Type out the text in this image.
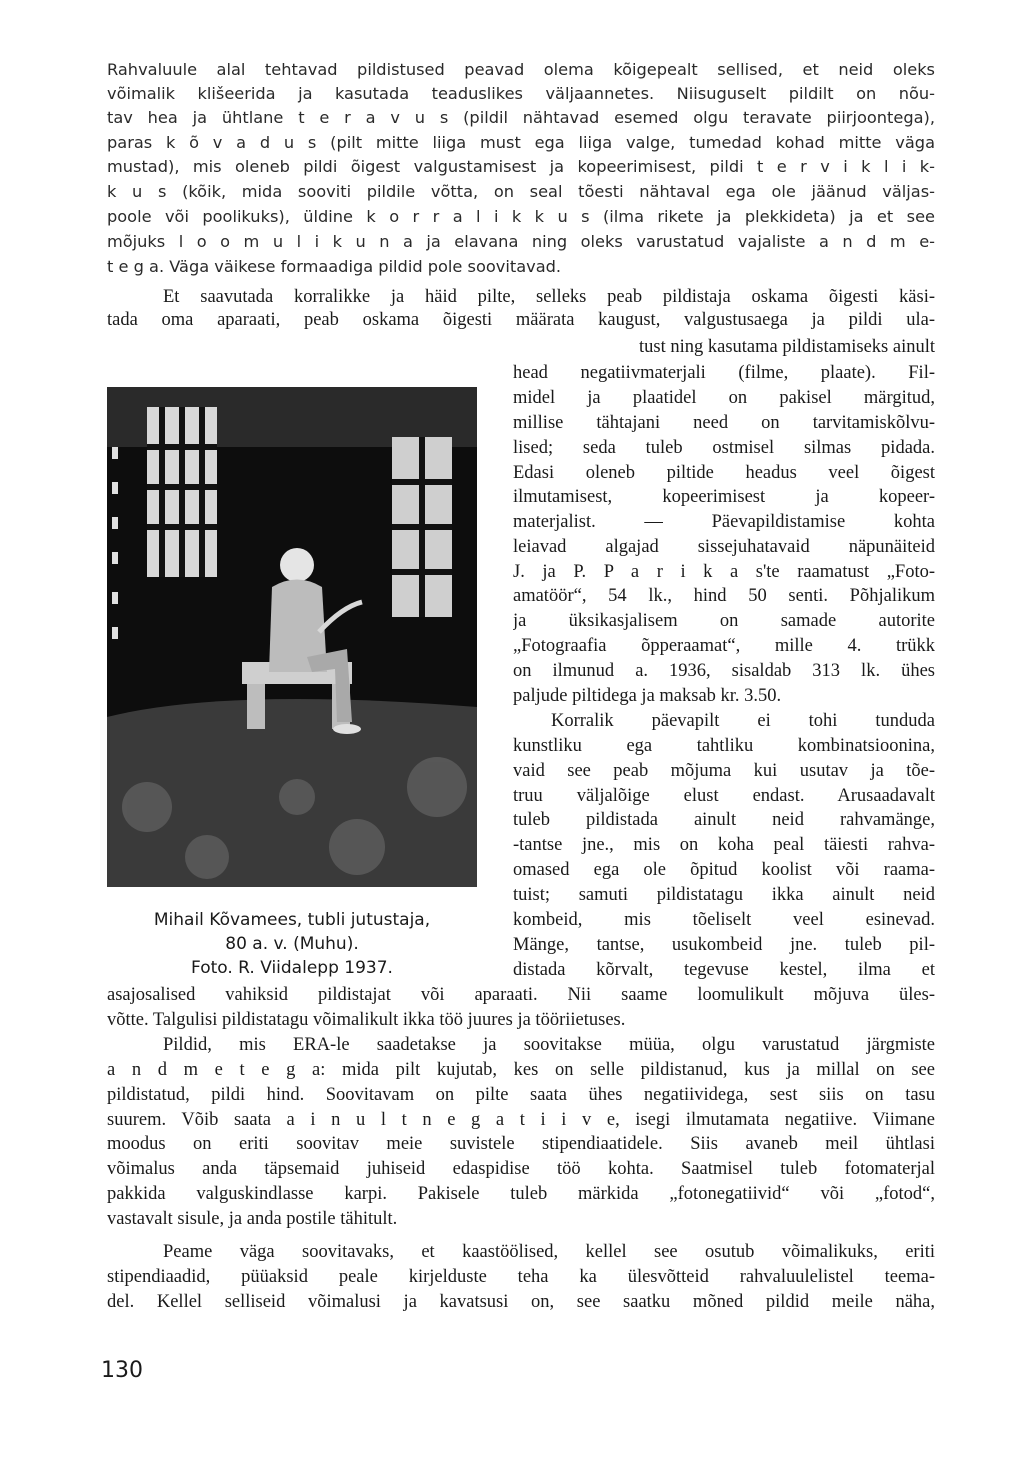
Rahvaluule alal tehtavad pildistused peavad olema kõigepealt sellised, et neid oleks
võimalik klišeerida ja kasutada teaduslikes väljaannetes. Niisuguselt pildilt on nõu-
tav hea ja ühtlane t e r a v u s (pildil nähtavad esemed olgu teravate piirjoontega),
paras k õ v a d u s (pilt mitte liiga must ega liiga valge, tumedad kohad mitte väga
mustad), mis oleneb pildi õigest valgustamisest ja kopeerimisest, pildi t e r v i k l i k-
k u s (kõik, mida sooviti pildile võtta, on seal tõesti nähtaval ega ole jäänud väljas-
poole või poolikuks), üldine k o r r a l i k k u s (ilma rikete ja plekkideta) ja et see
mõjuks l o o m u l i k u n a ja elavana ning oleks varustatud vajaliste a n d m e-
t e g a. Väga väikese formaadiga pildid pole soovitavad.
Et saavutada korralikke ja häid pilte, selleks peab pildistaja oskama õigesti käsi-
tada oma aparaati, peab oskama õigesti määrata kaugust, valgustusaega ja pildi ula-
tust ning kasutama pildistamiseks ainult
head negatiivmaterjali (filme, plaate). Fil-
midel ja plaatidel on pakisel märgitud,
millise tähtajani need on tarvitamiskõlvu-
lised; seda tuleb ostmisel silmas pidada.
Edasi oleneb piltide headus veel õigest
ilmutamisest, kopeerimisest ja kopeer-
materjalist. — Päevapildistamise kohta
leiavad algajad sissejuhatavaid näpunäiteid
J. ja P. P a r i k a s'te raamatust „Foto-
amatöör“, 54 lk., hind 50 senti. Põhjalikum
ja üksikasjalisem on samade autorite
„Fotograafia õpperaamat“, mille 4. trükk
on ilmunud a. 1936, sisaldab 313 lk. ühes
paljude piltidega ja maksab kr. 3.50.
Korralik päevapilt ei tohi tunduda
kunstliku ega tahtliku kombinatsioonina,
vaid see peab mõjuma kui usutav ja tõe-
truu väljalõige elust endast. Arusaadavalt
tuleb pildistada ainult neid rahvamänge,
-tantse jne., mis on koha peal täiesti rahva-
omased ega ole õpitud koolist või raama-
tuist; samuti pildistatagu ikka ainult neid
kombeid, mis tõeliselt veel esinevad.
Mänge, tantse, usukombeid jne. tuleb pil-
distada kõrvalt, tegevuse kestel, ilma et
Mihail Kõvamees, tubli jutustaja,
80 a. v. (Muhu).
Foto. R. Viidalepp 1937.
asajosalised vahiksid pildistajat või aparaati. Nii saame loomulikult mõjuva üles-
võtte. Talgulisi pildistatagu võimalikult ikka töö juures ja tööriietuses.
Pildid, mis ERA-le saadetakse ja soovitakse müüa, olgu varustatud järgmiste
a n d m e t e g a: mida pilt kujutab, kes on selle pildistanud, kus ja millal on see
pildistatud, pildi hind. Soovitavam on pilte saata ühes negatiividega, sest siis on tasu
suurem. Võib saata a i n u l t n e g a t i i v e, isegi ilmutamata negatiive. Viimane
moodus on eriti soovitav meie suvistele stipendiaatidele. Siis avaneb meil ühtlasi
võimalus anda täpsemaid juhiseid edaspidise töö kohta. Saatmisel tuleb fotomaterjal
pakkida valguskindlasse karpi. Pakisele tuleb märkida „fotonegatiivid“ või „fotod“,
vastavalt sisule, ja anda postile tähitult.
Peame väga soovitavaks, et kaastöölised, kellel see osutub võimalikuks, eriti
stipendiaadid, püüaksid peale kirjelduste teha ka ülesvõtteid rahvaluulelistel teema-
del. Kellel selliseid võimalusi ja kavatsusi on, see saatku mõned pildid meile näha,
130
